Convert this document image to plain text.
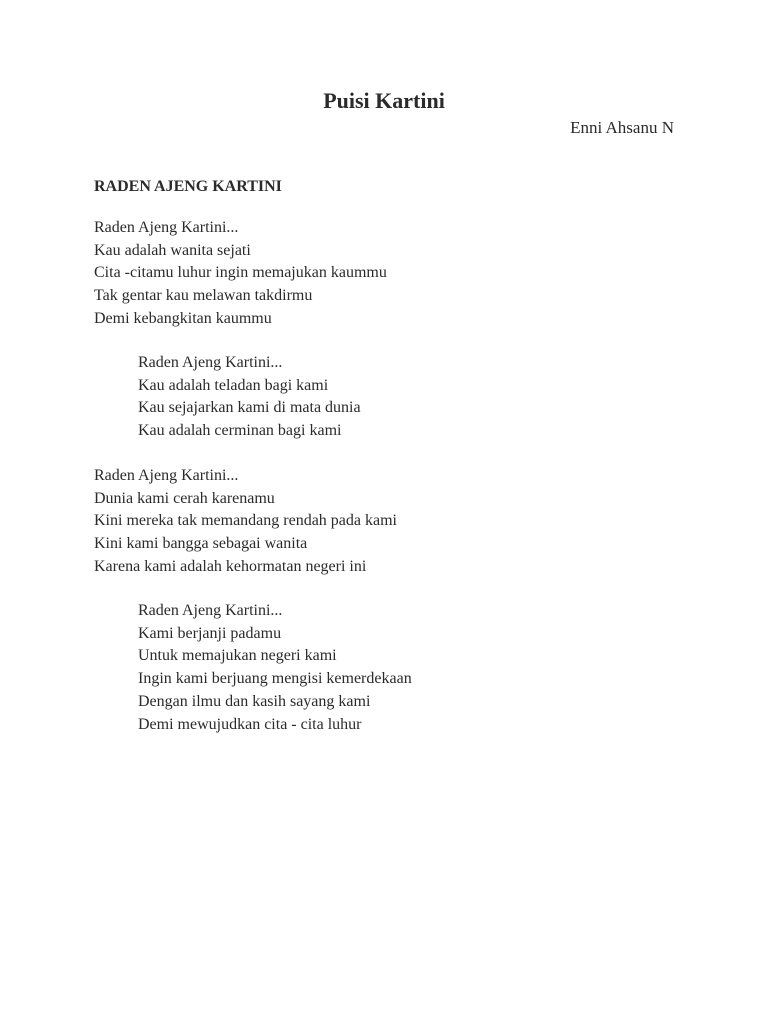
Puisi Kartini
Enni Ahsanu N
RADEN AJENG KARTINI
Raden Ajeng Kartini...
Kau adalah wanita sejati
Cita -citamu luhur ingin memajukan kaummu
Tak gentar kau melawan takdirmu
Demi kebangkitan kaummu
Raden Ajeng Kartini...
Kau adalah teladan bagi kami
Kau sejajarkan kami di mata dunia
Kau adalah cerminan bagi kami
Raden Ajeng Kartini...
Dunia kami cerah karenamu
Kini mereka tak memandang rendah pada kami
Kini kami bangga sebagai wanita
Karena kami adalah kehormatan negeri ini
Raden Ajeng Kartini...
Kami berjanji padamu
Untuk memajukan negeri kami
Ingin kami berjuang mengisi kemerdekaan
Dengan ilmu dan kasih sayang kami
Demi mewujudkan cita - cita luhur
